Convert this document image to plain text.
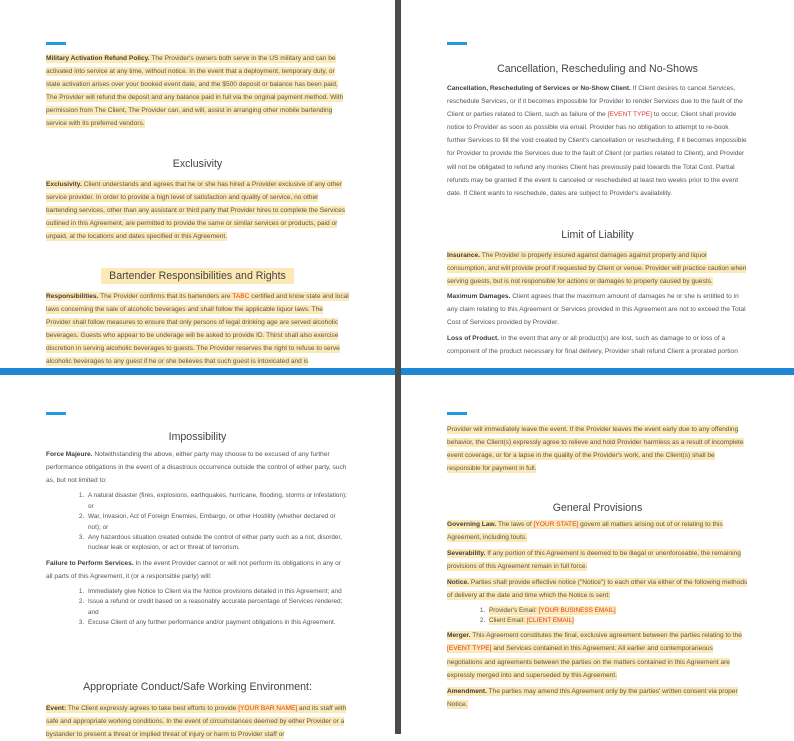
Military Activation Refund Policy. The Provider's owners both serve in the US military and can be activated into service at any time, without notice. In the event that a deployment, temporary duty, or state activation arises over your booked event date, and the $500 deposit or balance has been paid, The Provider will refund the deposit and any balance paid in full via the original payment method. With permission from The Client, The Provider can, and will, assist in arranging other mobile bartending service with its preferred vendors.

Exclusivity

Exclusivity. Client understands and agrees that he or she has hired a Provider exclusive of any other service provider. In order to provide a high level of satisfaction and quality of service, no other bartending services, other than any assistant or third party that Provider hires to complete the Services outlined in this Agreement, are permitted to provide the same or similar services or products, paid or unpaid, at the locations and dates specified in this Agreement.

Bartender Responsibilities and Rights

Responsibilities. The Provider confirms that its bartenders are TABC certified and know state and local laws concerning the sale of alcoholic beverages and shall follow the applicable liquor laws. The Provider shall follow measures to ensure that only persons of legal drinking age are served alcoholic beverages. Guests who appear to be underage will be asked to provide ID. Thirst shall also exercise discretion in serving alcoholic beverages to guests. The Provider reserves the right to refuse to serve alcoholic beverages to any guest if he or she believes that such guest is intoxicated and is

Cancellation, Rescheduling and No-Shows

Cancellation, Rescheduling of Services or No-Show Client. If Client desires to cancel Services, reschedule Services, or if it becomes impossible for Provider to render Services due to the fault of the Client or parties related to Client, such as failure of the [EVENT TYPE] to occur, Client shall provide notice to Provider as soon as possible via email. Provider has no obligation to attempt to re-book further Services to fill the void created by Client's cancellation or rescheduling, if it becomes impossible for Provider to provide the Services due to the fault of Client (or parties related to Client), and Provider will not be obligated to refund any monies Client has previously paid towards the Total Cost. Partial refunds may be granted if the event is canceled or rescheduled at least two weeks prior to the event date. If Client wants to reschedule, dates are subject to Provider's availability.

Limit of Liability

Insurance. The Provider is properly insured against damages against property and liquor consumption, and will provide proof if requested by Client or venue. Provider will practice caution when serving guests, but is not responsible for actions or damages to property caused by guests.

Maximum Damages. Client agrees that the maximum amount of damages he or she is entitled to in any claim relating to this Agreement or Services provided in this Agreement are not to exceed the Total Cost of Services provided by Provider.

Loss of Product. In the event that any or all product(s) are lost, such as damage to or loss of a component of the product necessary for final delivery, Provider shall refund Client a prorated portion

Impossibility

Force Majeure. Notwithstanding the above, either party may choose to be excused of any further performance obligations in the event of a disastrous occurrence outside the control of either party, such as, but not limited to:

1. A natural disaster (fires, explosions, earthquakes, hurricane, flooding, storms or infestation); or
2. War, Invasion, Act of Foreign Enemies, Embargo, or other Hostility (whether declared or not); or
3. Any hazardous situation created outside the control of either party such as a riot, disorder, nuclear leak or explosion, or act or threat of terrorism.

Failure to Perform Services. In the event Provider cannot or will not perform its obligations in any or all parts of this Agreement, it (or a responsible party) will:

1. Immediately give Notice to Client via the Notice provisions detailed in this Agreement; and
2. Issue a refund or credit based on a reasonably accurate percentage of Services rendered; and
3. Excuse Client of any further performance and/or payment obligations in this Agreement.

Appropriate Conduct/Safe Working Environment:

Event: The Client expressly agrees to take best efforts to provide [YOUR BAR NAME] and its staff with safe and appropriate working conditions. In the event of circumstances deemed by either Provider or a bystander to present a threat or implied threat of injury or harm to Provider staff or

Provider will immediately leave the event. If the Provider leaves the event early due to any offending behavior, the Client(s) expressly agree to relieve and hold Provider harmless as a result of incomplete event coverage, or for a lapse in the quality of the Provider's work, and the Client(s) shall be responsible for payment in full.

General Provisions

Governing Law. The laws of [YOUR STATE] govern all matters arising out of or relating to this Agreement, including touts.

Severability. If any portion of this Agreement is deemed to be illegal or unenforceable, the remaining provisions of this Agreement remain in full force.

Notice. Parties shall provide effective notice ("Notice") to each other via either of the following methods of delivery at the date and time which the Notice is sent:

1. Provider's Email: [YOUR BUSINESS EMAIL]
2. Client Email: [CLIENT EMAIL]

Merger. This Agreement constitutes the final, exclusive agreement between the parties relating to the [EVENT TYPE] and Services contained in this Agreement. All earlier and contemporaneous negotiations and agreements between the parties on the matters contained in this Agreement are expressly merged into and superseded by this Agreement.

Amendment. The parties may amend this Agreement only by the parties' written consent via proper Notice.
